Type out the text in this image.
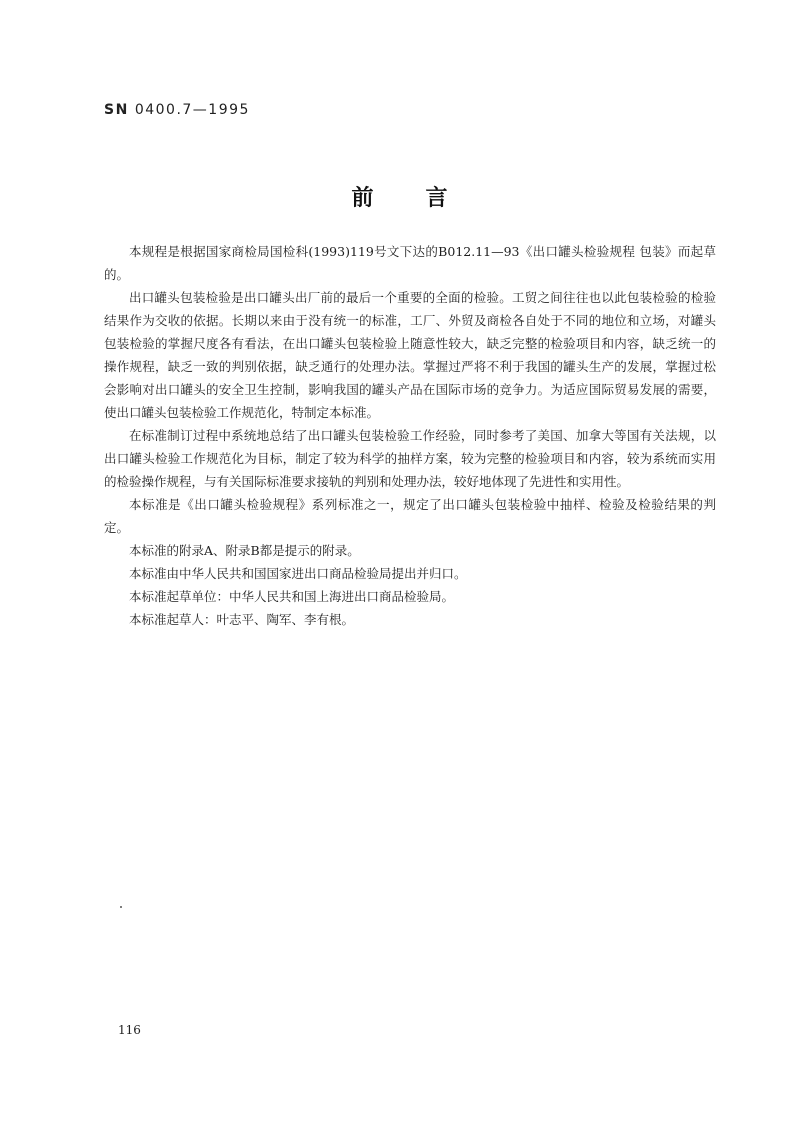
SN 0400.7—1995
前言

本规程是根据国家商检局国检科(1993)119号文下达的B012.11—93《出口罐头检验规程 包装》而起草的。

出口罐头包装检验是出口罐头出厂前的最后一个重要的全面的检验。工贸之间往往也以此包装检验的检验结果作为交收的依据。长期以来由于没有统一的标准，工厂、外贸及商检各自处于不同的地位和立场，对罐头包装检验的掌握尺度各有看法，在出口罐头包装检验上随意性较大，缺乏完整的检验项目和内容，缺乏统一的操作规程，缺乏一致的判别依据，缺乏通行的处理办法。掌握过严将不利于我国的罐头生产的发展，掌握过松会影响对出口罐头的安全卫生控制，影响我国的罐头产品在国际市场的竞争力。为适应国际贸易发展的需要，使出口罐头包装检验工作规范化，特制定本标准。

在标准制订过程中系统地总结了出口罐头包装检验工作经验，同时参考了美国、加拿大等国有关法规，以出口罐头检验工作规范化为目标，制定了较为科学的抽样方案，较为完整的检验项目和内容，较为系统而实用的检验操作规程，与有关国际标准要求接轨的判别和处理办法，较好地体现了先进性和实用性。

本标准是《出口罐头检验规程》系列标准之一，规定了出口罐头包装检验中抽样、检验及检验结果的判定。

本标准的附录A、附录B都是提示的附录。

本标准由中华人民共和国国家进出口商品检验局提出并归口。

本标准起草单位：中华人民共和国上海进出口商品检验局。

本标准起草人：叶志平、陶军、李有根。

116
